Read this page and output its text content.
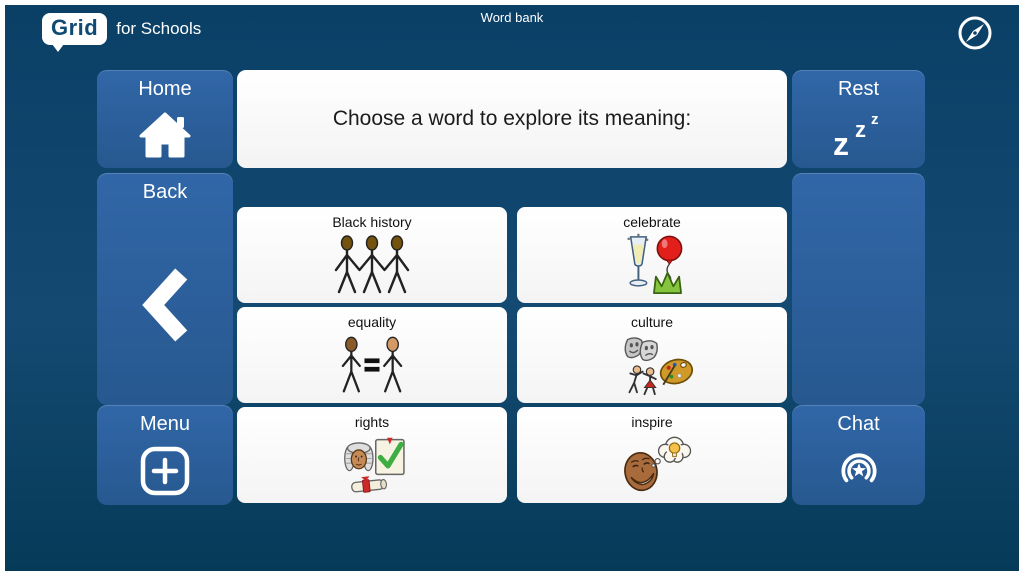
Grid	for Schools
Word bank
Home
Back
Menu
Rest
z z z
Chat
Choose a word to explore its meaning:
Black history	celebrate
equality	culture
rights	inspire
